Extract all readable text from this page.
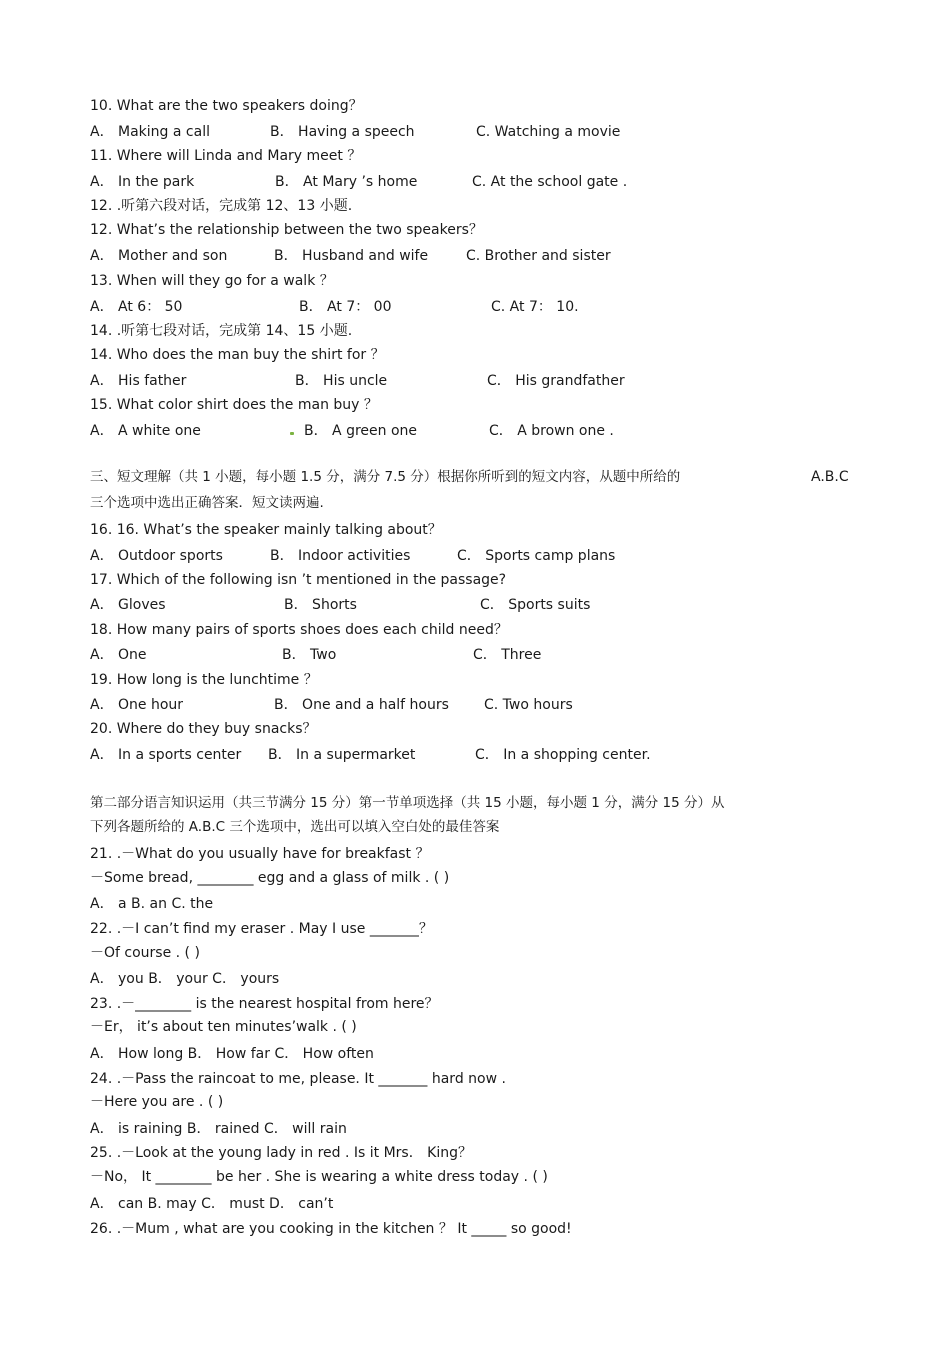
10. What are the two speakers doing？
A． Making a call	B． Having a speech	C. Watching a movie
11. Where will Linda and Mary meet ？
A． In the park	B． At Mary ’s home	C. At the school gate .
12. .听第六段对话，完成第 12、13 小题.
12. What’s the relationship between the two speakers？
A． Mother and son	B． Husband and wife	C. Brother and sister
13. When will they go for a walk ？
A． At 6： 50	B． At 7： 00	C. At 7： 10.
14. .听第七段对话，完成第 14、15 小题.
14. Who does the man buy the shirt for ？
A． His father	B． His uncle	C． His grandfather
15. What color shirt does the man buy ？
A． A white one	B． A green one	C． A brown one .
三、短文理解（共 1 小题，每小题 1.5 分，满分 7.5 分）根据你所听到的短文内容，从题中所给的	A.B.C
三个选项中选出正确答案．短文读两遍.
16. 16. What’s the speaker mainly talking about？
A． Outdoor sports	B． Indoor activities	C． Sports camp plans
17. Which of the following isn ’t mentioned in the passage?
A． Gloves	B． Shorts	C． Sports suits
18. How many pairs of sports shoes does each child need？
A． One	B． Two	C． Three
19. How long is the lunchtime ？
A． One hour	B． One and a half hours	C. Two hours
20. Where do they buy snacks？
A． In a sports center B． In a supermarket	C． In a shopping center.
第二部分语言知识运用（共三节满分 15 分）第一节单项选择（共 15 小题，每小题 1 分，满分 15 分）从
下列各题所给的 A.B.C 三个选项中，选出可以填入空白处的最佳答案
21. .－What do you usually have for breakfast ？
－Some bread, ________ egg and a glass of milk . ( )
A． a B. an C. the
22. .－I can’t find my eraser . May I use _______？
－Of course . ( )
A． you B． your C． yours
23. .－________ is the nearest hospital from here？
－Er， it’s about ten minutes’walk . ( )
A． How long B． How far C． How often
24. .－Pass the raincoat to me, please. It _______ hard now .
－Here you are . ( )
A． is raining B． rained C． will rain
25. .－Look at the young lady in red . Is it Mrs． King？
－No， It ________ be her . She is wearing a white dress today . ( )
A． can B. may C． must D． can’t
26. .－Mum , what are you cooking in the kitchen ？ It _____ so good!
